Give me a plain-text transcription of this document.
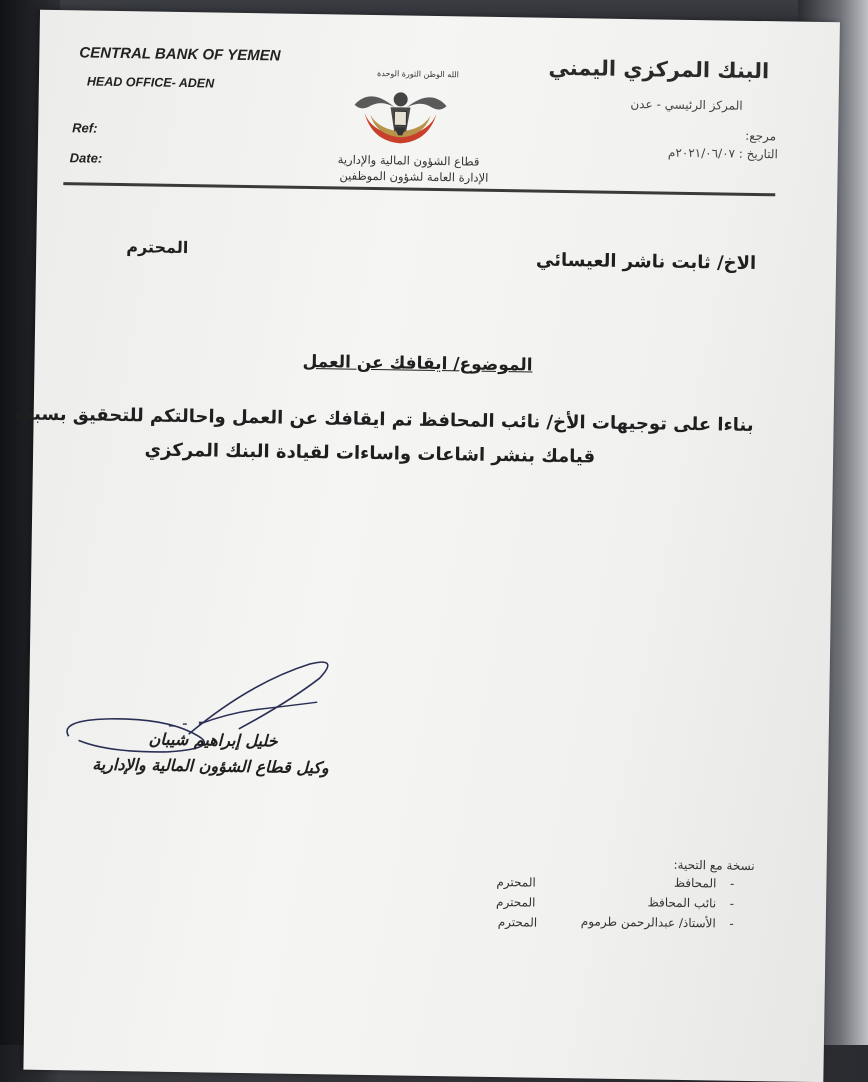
CENTRAL BANK OF YEMEN
HEAD OFFICE- ADEN
Ref:
Date:
الله الوطن الثورة الوحدة	البنك المركزي اليمني
المركز الرئيسي - عدن
مرجع:
التاريخ : ٢٠٢١/٠٦/٠٧م
قطاع الشؤون المالية والإدارية
الإدارة العامة لشؤون الموظفين
الاخ/ ثابت ناشر العيسائي
المحترم
الموضوع/ ايقافك عن العمل
بناءا على توجيهات الأخ/ نائب المحافظ تم ايقافك عن العمل واحالتكم للتحقيق بسبب
قيامك بنشر اشاعات واساءات لقيادة البنك المركزي
خليل إبراهيم شيبان
وكيل قطاع الشؤون المالية والإدارية
نسخة مع التحية:
-
المحافظ
المحترم
-
نائب المحافظ
المحترم
-
الأستاذ/ عبدالرحمن طرموم
المحترم
